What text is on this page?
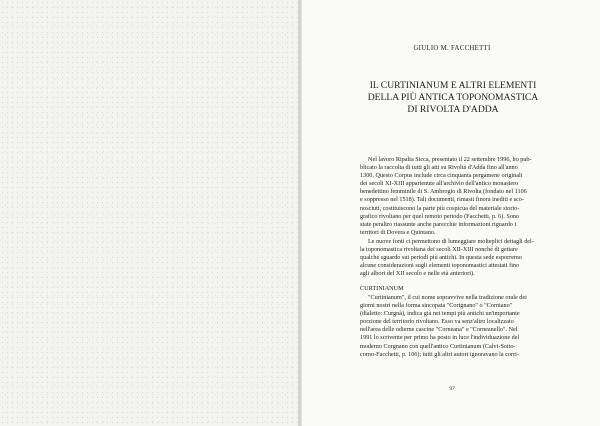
GIULIO M. FACCHETTI
IL CURTINIANUM E ALTRI ELEMENTI
DELLA PIÙ ANTICA TOPONOMASTICA
DI RIVOLTA D'ADDA
Nel lavoro Ripalta Sicca, presentato il 22 settembre 1996, ho pub-
blicato la raccolta di tutti gli atti su Rivolta d'Adda fino all'anno
1300. Questo Corpus include circa cinquanta pergamene originali
dei secoli XI-XIII appartenute all'archivio dell'antico monastero
benedettino femminile di S. Ambrogio di Rivolta (fondato nel 1106
e soppresso nel 1518). Tali documenti, rimasti finora inediti e sco-
nosciuti, costituiscono la parte più cospicua del materiale storio-
grafico rivoltano per quel remoto periodo (Facchetti, p. 6). Sono
state peraltro riassunte anche parecchie informazioni riguardo i
territori di Dovera e Quintano.
Le nuove fonti ci permettono di lumeggiare molteplici dettagli del-
la toponomastica rivoltana dei secoli XII-XIII nonché di gettare
qualche sguardo sui periodi più antichi. In questa sede esporremo
alcune considerazioni sugli elementi toponomastici attestati fino
agli albori del XII secolo e nelle età anteriori).
CURTINIANUM
"Curtinianum", il cui nome sopravvive nella tradizione orale dei
giorni nostri nella forma sincopata "Cortgnano" o "Corniano"
(dialetto: Curgnà), indica già nei tempi più antichi un'importante
porzione del territorio rivoltano. Esso va senz'altro localizzato
nell'area delle odierne cascine "Corneana" e "Corneanello". Nel
1991 lo scrivente per primo ha posto in luce l'individuazione del
moderno Corgnano con quell'antico Curtinianum (Calvi-Sotto-
corno-Facchetti, p. 106); tutti gli altri autori ignoravano la corri-
97
